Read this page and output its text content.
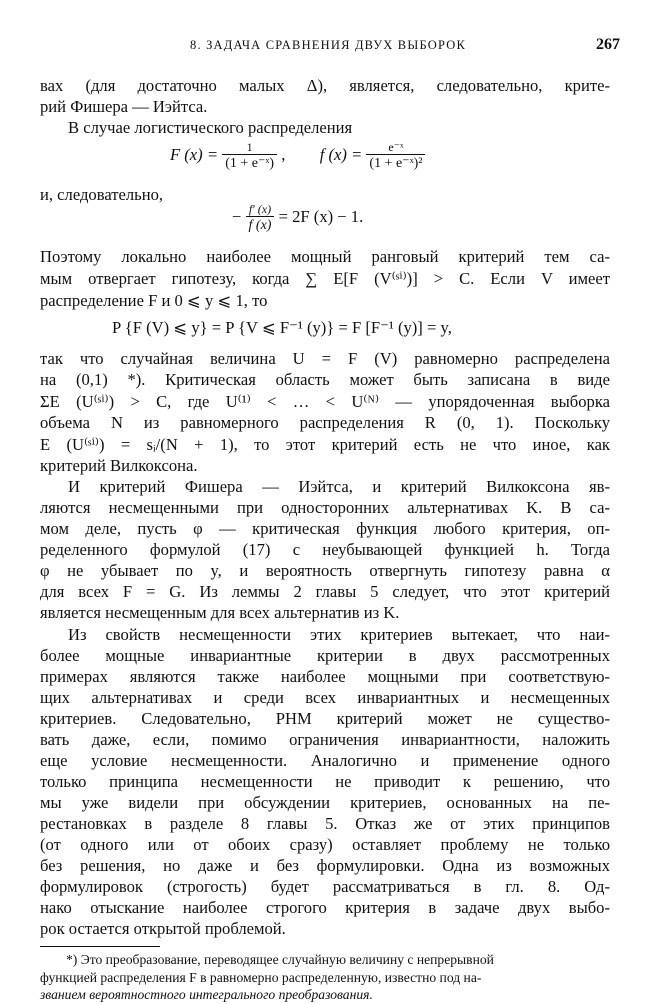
8. ЗАДАЧА СРАВНЕНИЯ ДВУХ ВЫБОРОК	267
вах (для достаточно малых Δ), является, следовательно, крите-
рий Фишера — Иэйтса.
В случае логистического распределения
F $(x) = \frac{1}{\text{(1 + e⁻ˣ)}}$ , f $(x) = \frac{\text{e⁻ˣ}}{\text{(1 + e⁻ˣ)²}}$
и, следовательно,
− $\frac{f' (x)}{f (x)} = 2F$ (x) − 1.
Поэтому локально наиболее мощный ранговый критерий тем са-
мым отвергает гипотезу, когда ∑ E[F (V⁽ˢⁱ⁾)] > C. Если V имеет
распределение F и 0 ⩽ y ⩽ 1, то
P {F (V) ⩽ y} = P {V ⩽ F⁻¹ (y)} = F [F⁻¹ (y)] = y,
так что случайная величина U = F (V) равномерно распределена
на (0,1) *). Критическая область может быть записана в виде
ΣE (U⁽ˢⁱ⁾) > C, где U⁽¹⁾ < … < U⁽ᴺ⁾ — упорядоченная выборка
объема N из равномерного распределения R (0, 1). Поскольку
E (U⁽ˢⁱ⁾) = sᵢ/(N + 1), то этот критерий есть не что иное, как
критерий Вилкоксона.
И критерий Фишера — Иэйтса, и критерий Вилкоксона яв-
ляются несмещенными при односторонних альтернативах K. В са-
мом деле, пусть φ — критическая функция любого критерия, оп-
ределенного формулой (17) с неубывающей функцией h. Тогда
φ не убывает по y, и вероятность отвергнуть гипотезу равна α
для всех F = G. Из леммы 2 главы 5 следует, что этот критерий
является несмещенным для всех альтернатив из K.
Из свойств несмещенности этих критериев вытекает, что наи-
более мощные инвариантные критерии в двух рассмотренных
примерах являются также наиболее мощными при соответствую-
щих альтернативах и среди всех инвариантных и несмещенных
критериев. Следовательно, РНМ критерий может не существо-
вать даже, если, помимо ограничения инвариантности, наложить
еще условие несмещенности. Аналогично и применение одного
только принципа несмещенности не приводит к решению, что
мы уже видели при обсуждении критериев, основанных на пе-
рестановках в разделе 8 главы 5. Отказ же от этих принципов
(от одного или от обоих сразу) оставляет проблему не только
без решения, но даже и без формулировки. Одна из возможных
формулировок (строгость) будет рассматриваться в гл. 8. Од-
нако отыскание наиболее строгого критерия в задаче двух выбо-
рок остается открытой проблемой.
*) Это преобразование, переводящее случайную величину с непрерывной
функцией распределения F в равномерно распределенную, известно под на-
званием вероятностного интегрального преобразования.
